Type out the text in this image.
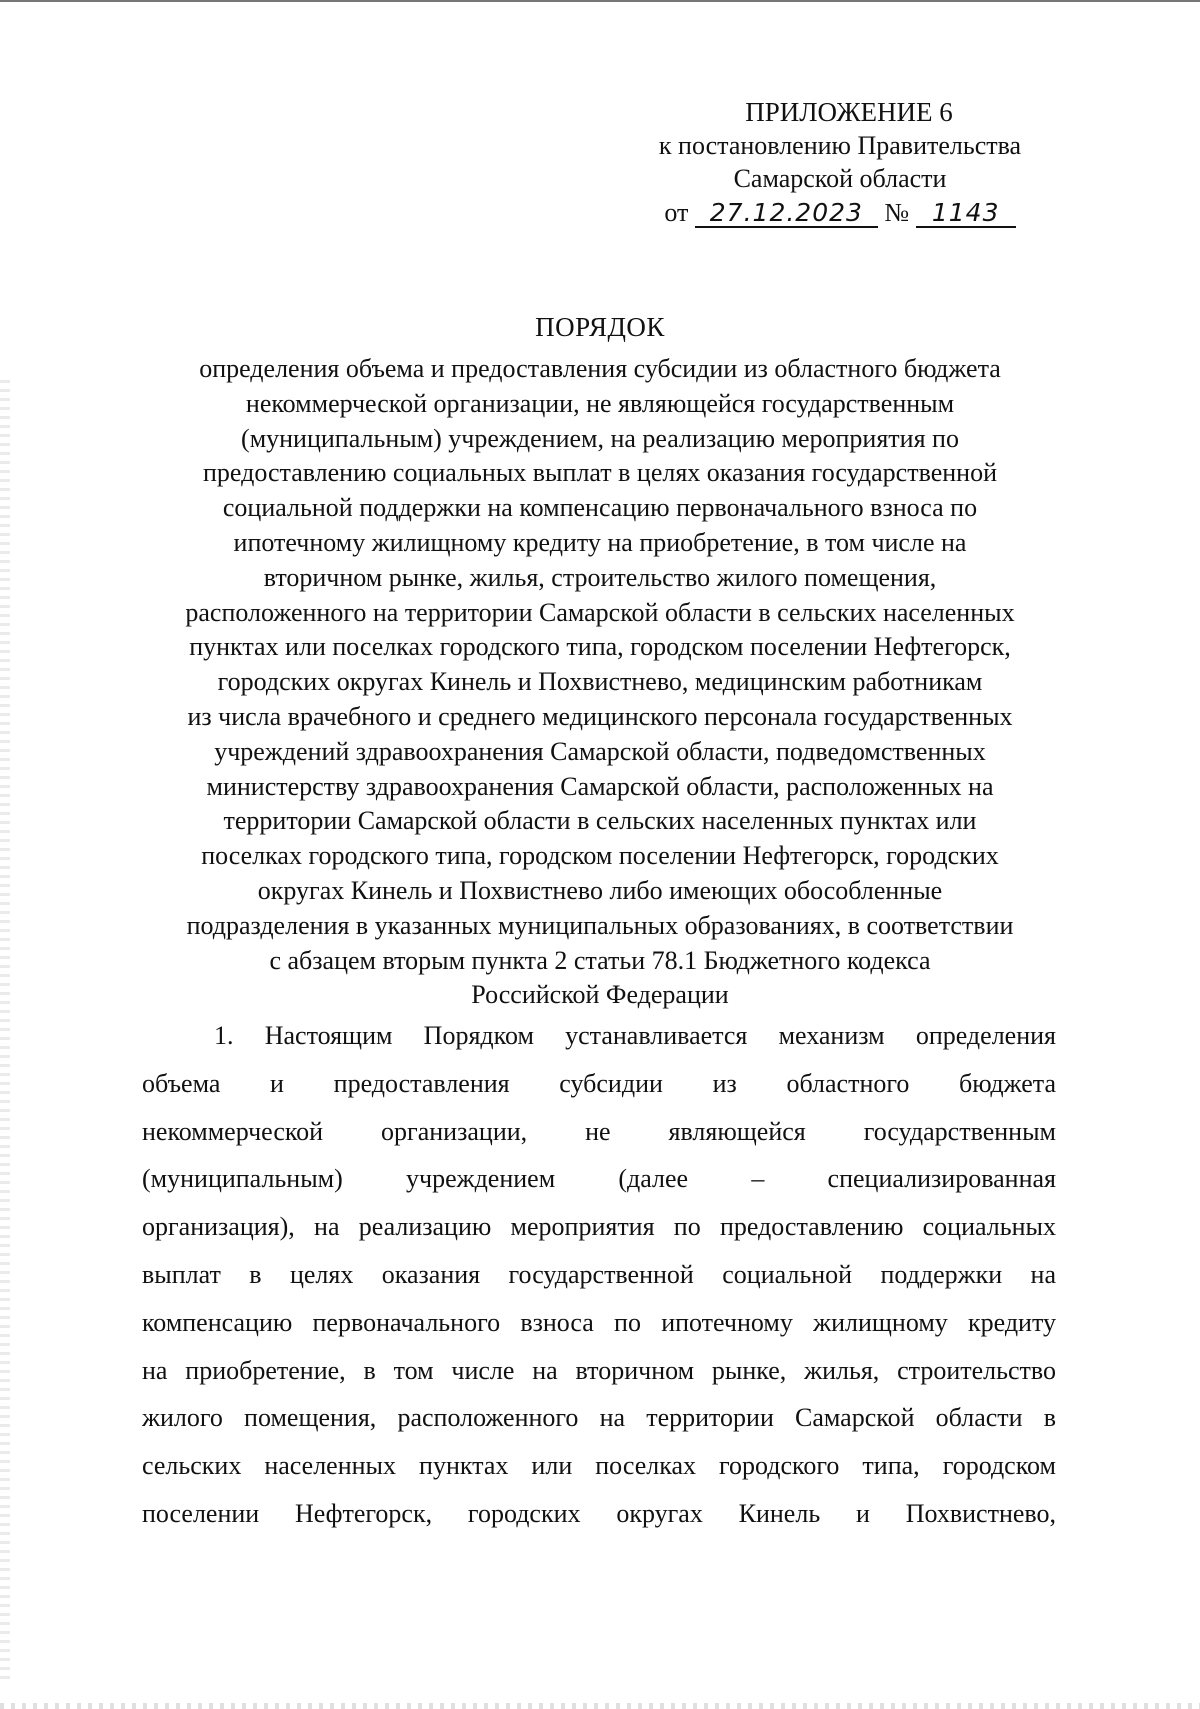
ПРИЛОЖЕНИЕ 6
к постановлению Правительства
Самарской области
от 27.12.2023 № 1143
ПОРЯДОК
определения объема и предоставления субсидии из областного бюджета
некоммерческой организации, не являющейся государственным
(муниципальным) учреждением, на реализацию мероприятия по
предоставлению социальных выплат в целях оказания государственной
социальной поддержки на компенсацию первоначального взноса по
ипотечному жилищному кредиту на приобретение, в том числе на
вторичном рынке, жилья, строительство жилого помещения,
расположенного на территории Самарской области в сельских населенных
пунктах или поселках городского типа, городском поселении Нефтегорск,
городских округах Кинель и Похвистнево, медицинским работникам
из числа врачебного и среднего медицинского персонала государственных
учреждений здравоохранения Самарской области, подведомственных
министерству здравоохранения Самарской области, расположенных на
территории Самарской области в сельских населенных пунктах или
поселках городского типа, городском поселении Нефтегорск, городских
округах Кинель и Похвистнево либо имеющих обособленные
подразделения в указанных муниципальных образованиях, в соответствии
с абзацем вторым пункта 2 статьи 78.1 Бюджетного кодекса
Российской Федерации
1. Настоящим Порядком устанавливается механизм определения
объема и предоставления субсидии из областного бюджета
некоммерческой организации, не являющейся государственным
(муниципальным) учреждением (далее – специализированная
организация), на реализацию мероприятия по предоставлению социальных
выплат в целях оказания государственной социальной поддержки на
компенсацию первоначального взноса по ипотечному жилищному кредиту
на приобретение, в том числе на вторичном рынке, жилья, строительство
жилого помещения, расположенного на территории Самарской области в
сельских населенных пунктах или поселках городского типа, городском
поселении Нефтегорск, городских округах Кинель и Похвистнево,
